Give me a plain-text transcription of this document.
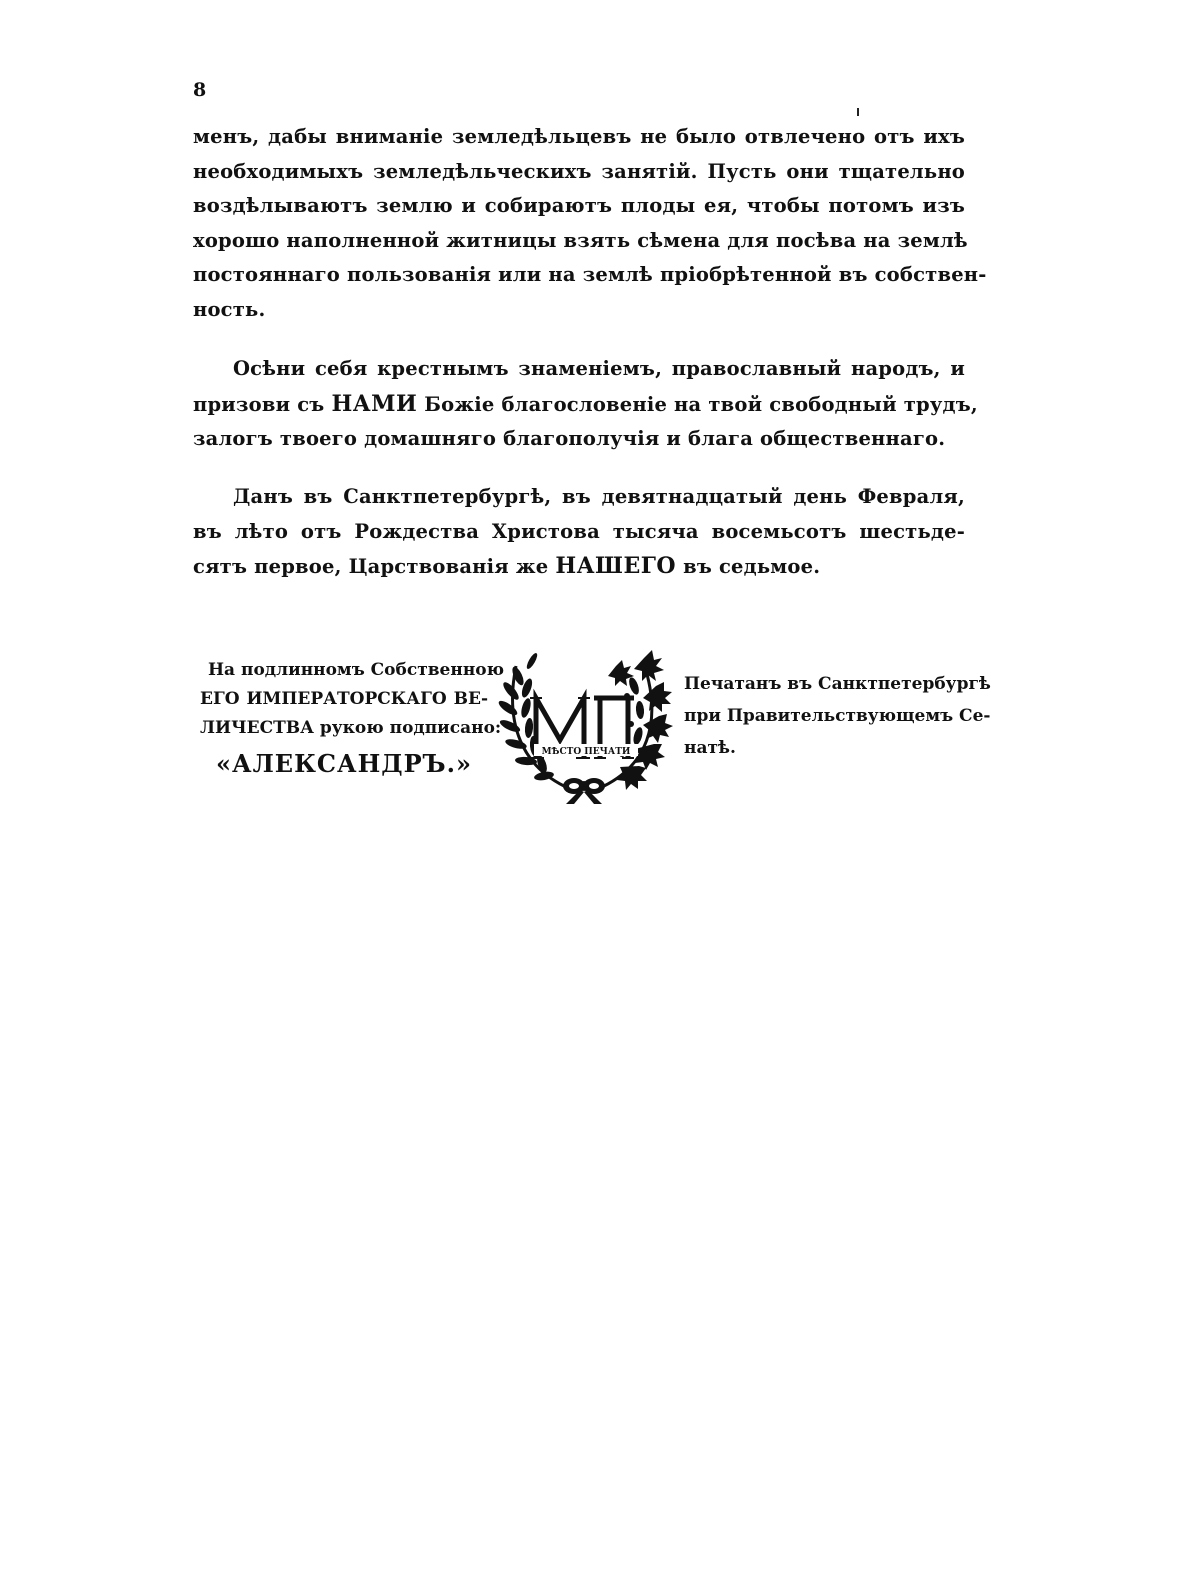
8
менъ, дабы вниманіе земледѣльцевъ не было отвлечено отъ ихъ
необходимыхъ земледѣльческихъ занятій. Пусть они тщательно
воздѣлываютъ землю и собираютъ плоды ея, чтобы потомъ изъ
хорошо наполненной житницы взять сѣмена для посѣва на землѣ
постояннаго пользованія или на землѣ пріобрѣтенной въ собствен-
ность.
Осѣни себя крестнымъ знаменіемъ, православный народъ, и
призови съ НАМИ Божіе благословеніе на твой свободный трудъ,
залогъ твоего домашняго благополучія и блага общественнаго.
Данъ въ Санктпетербургѣ, въ девятнадцатый день Февраля,
въ лѣто отъ Рождества Христова тысяча восемьсотъ шестьде-
сятъ первое, Царствованія же НАШЕГО въ седьмое.
На подлинномъ Собственною
ЕГО ИМПЕРАТОРСКАГО ВЕ-
ЛИЧЕСТВА рукою подписано:
«АЛЕКСАНДРЪ.»	МѢСТО ПЕЧАТИ
Печатанъ въ Санктпетербургѣ
при Правительствующемъ Се-
натѣ.
